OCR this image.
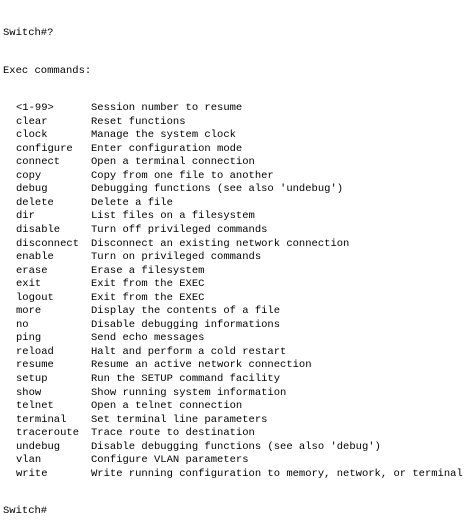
Switch#?

Exec commands:

<1-99>	Session number to resume
clear	Reset functions
clock	Manage the system clock
configure	Enter configuration mode
connect	Open a terminal connection
copy	Copy from one file to another
debug	Debugging functions (see also 'undebug')
delete	Delete a file
dir	List files on a filesystem
disable	Turn off privileged commands
disconnect	Disconnect an existing network connection
enable	Turn on privileged commands
erase	Erase a filesystem
exit	Exit from the EXEC
logout	Exit from the EXEC
more	Display the contents of a file
no	Disable debugging informations
ping	Send echo messages
reload	Halt and perform a cold restart
resume	Resume an active network connection
setup	Run the SETUP command facility
show	Show running system information
telnet	Open a telnet connection
terminal	Set terminal line parameters
traceroute	Trace route to destination
undebug	Disable debugging functions (see also 'debug')
vlan	Configure VLAN parameters
write	Write running configuration to memory, network, or terminal

Switch#
